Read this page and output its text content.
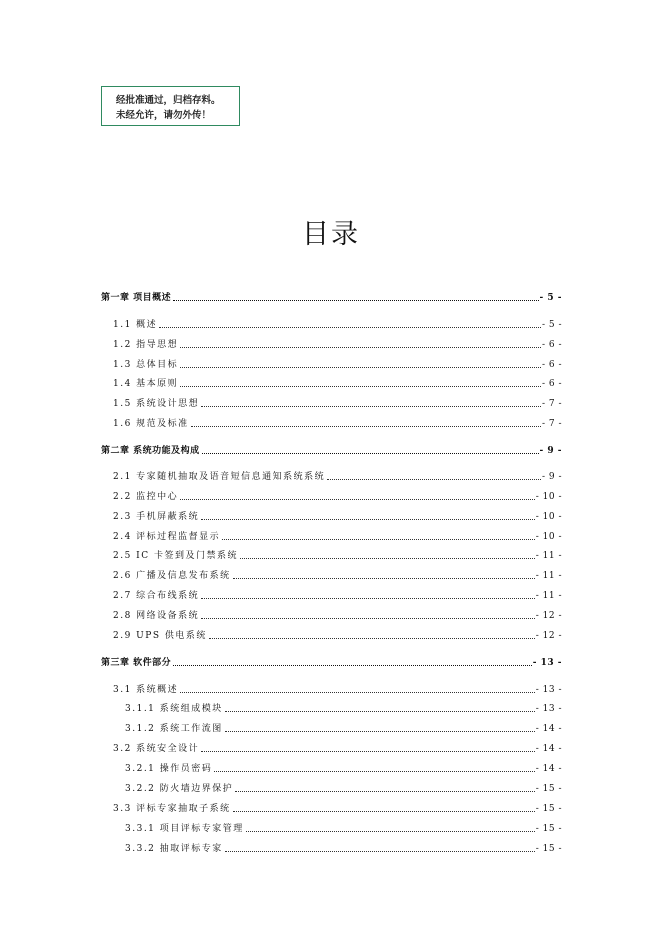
经批准通过，归档存料。
未经允许，请勿外传！
目录
第一章 项目概述	- 5 -
1.1 概述	- 5 -
1.2 指导思想	- 6 -
1.3 总体目标	- 6 -
1.4 基本原则	- 6 -
1.5 系统设计思想	- 7 -
1.6 规范及标准	- 7 -
第二章 系统功能及构成	- 9 -
2.1 专家随机抽取及语音短信息通知系统系统	- 9 -
2.2 监控中心	- 10 -
2.3 手机屏蔽系统	- 10 -
2.4 评标过程监督显示	- 10 -
2.5 IC 卡签到及门禁系统	- 11 -
2.6 广播及信息发布系统	- 11 -
2.7 综合布线系统	- 11 -
2.8 网络设备系统	- 12 -
2.9 UPS 供电系统	- 12 -
第三章 软件部分	- 13 -
3.1 系统概述	- 13 -
3.1.1 系统组成模块	- 13 -
3.1.2 系统工作流图	- 14 -
3.2 系统安全设计	- 14 -
3.2.1 操作员密码	- 14 -
3.2.2 防火墙边界保护	- 15 -
3.3 评标专家抽取子系统	- 15 -
3.3.1 项目评标专家管理	- 15 -
3.3.2 抽取评标专家	- 15 -
